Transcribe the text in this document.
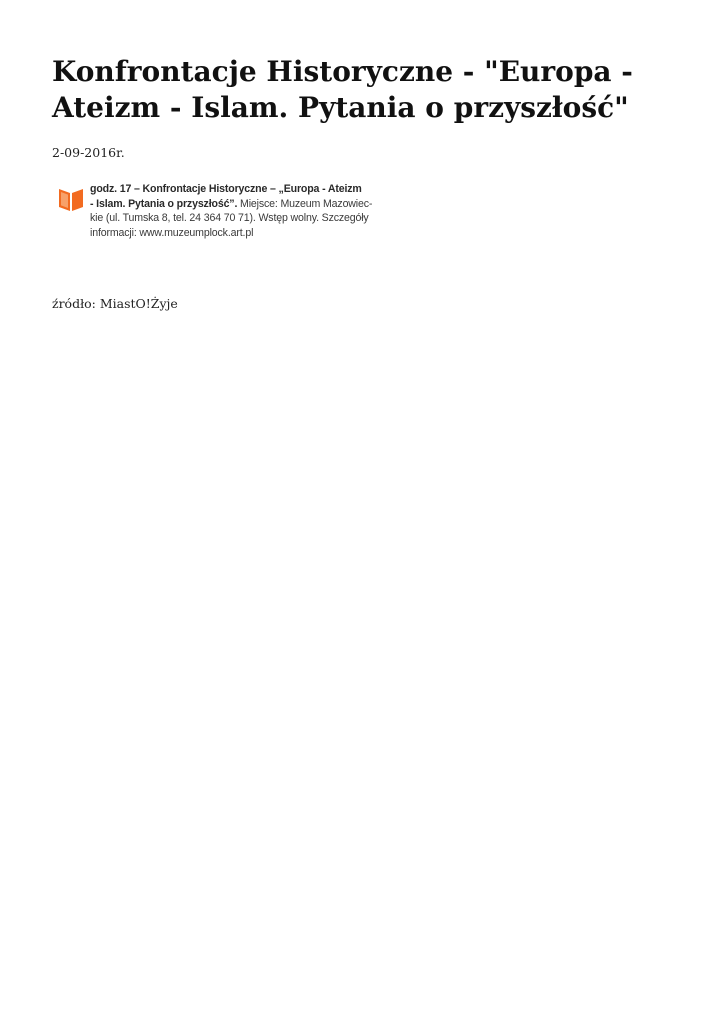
Konfrontacje Historyczne - "Europa - Ateizm - Islam. Pytania o przyszłość"
2-09-2016r.
godz. 17 – Konfrontacje Historyczne – „Europa - Ateizm
- Islam. Pytania o przyszłość”. Miejsce: Muzeum Mazowiec-
kie (ul. Tumska 8, tel. 24 364 70 71). Wstęp wolny. Szczegóły
informacji: www.muzeumplock.art.pl
źródło: MiastO!Żyje
